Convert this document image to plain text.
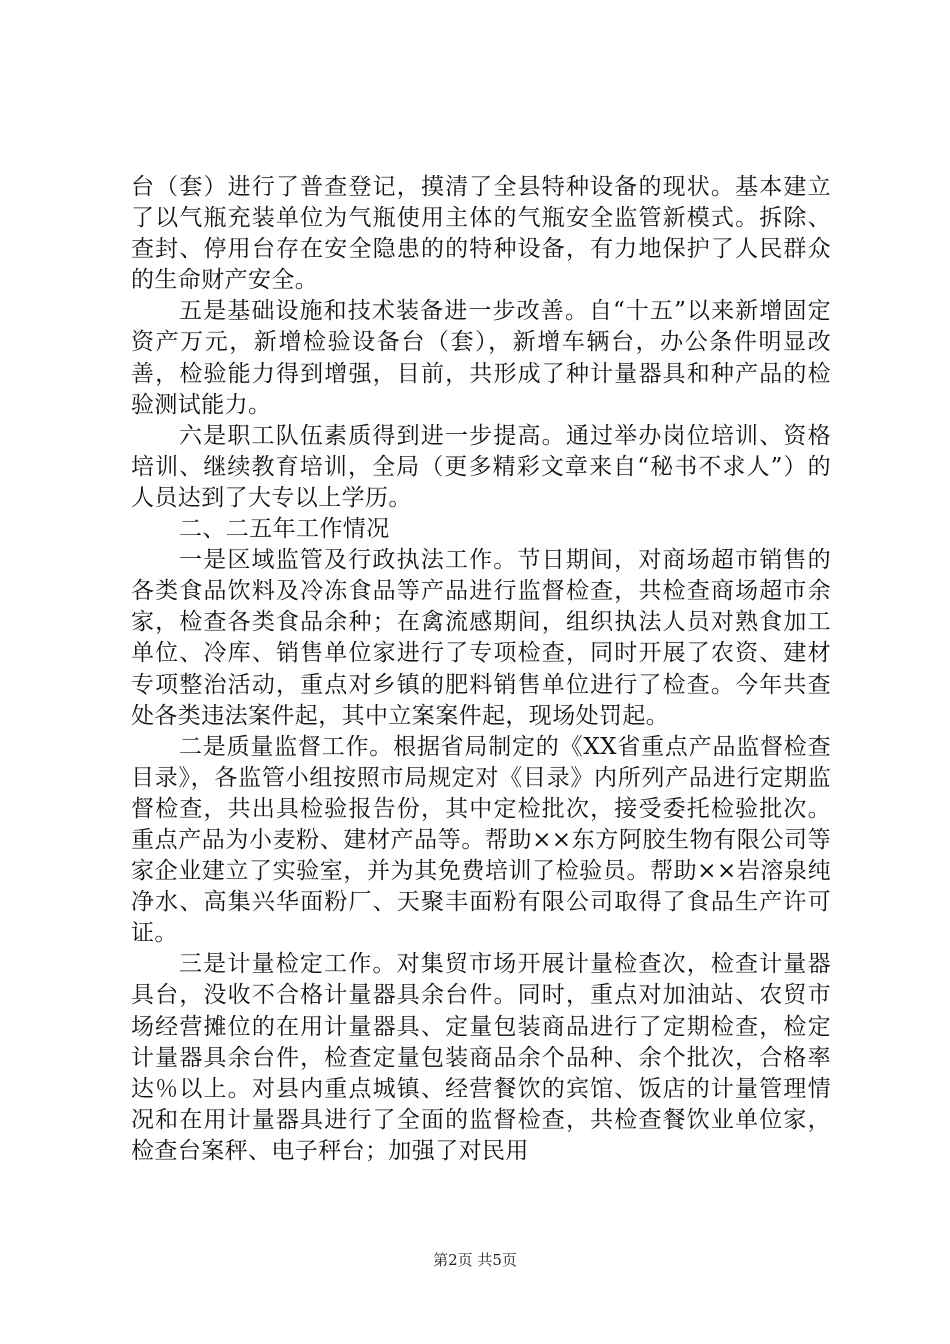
台（套）进行了普查登记，摸清了全县特种设备的现状。基本建立了以气瓶充装单位为气瓶使用主体的气瓶安全监管新模式。拆除、查封、停用台存在安全隐患的的特种设备，有力地保护了人民群众的生命财产安全。

五是基础设施和技术装备进一步改善。自“十五”以来新增固定资产万元，新增检验设备台（套），新增车辆台，办公条件明显改善，检验能力得到增强，目前，共形成了种计量器具和种产品的检验测试能力。

六是职工队伍素质得到进一步提高。通过举办岗位培训、资格培训、继续教育培训，全局（更多精彩文章来自“秘书不求人”）的人员达到了大专以上学历。

二、二五年工作情况

一是区域监管及行政执法工作。节日期间，对商场超市销售的各类食品饮料及冷冻食品等产品进行监督检查，共检查商场超市余家，检查各类食品余种；在禽流感期间，组织执法人员对熟食加工单位、冷库、销售单位家进行了专项检查，同时开展了农资、建材专项整治活动，重点对乡镇的肥料销售单位进行了检查。今年共查处各类违法案件起，其中立案案件起，现场处罚起。

二是质量监督工作。根据省局制定的《XX省重点产品监督检查目录》，各监管小组按照市局规定对《目录》内所列产品进行定期监督检查，共出具检验报告份，其中定检批次，接受委托检验批次。重点产品为小麦粉、建材产品等。帮助××东方阿胶生物有限公司等家企业建立了实验室，并为其免费培训了检验员。帮助××岩溶泉纯净水、高集兴华面粉厂、天聚丰面粉有限公司取得了食品生产许可证。

三是计量检定工作。对集贸市场开展计量检查次，检查计量器具台，没收不合格计量器具余台件。同时，重点对加油站、农贸市场经营摊位的在用计量器具、定量包装商品进行了定期检查，检定计量器具余台件，检查定量包装商品余个品种、余个批次，合格率达％以上。对县内重点城镇、经营餐饮的宾馆、饭店的计量管理情况和在用计量器具进行了全面的监督检查，共检查餐饮业单位家，检查台案秤、电子秤台；加强了对民用

第2页 共5页
